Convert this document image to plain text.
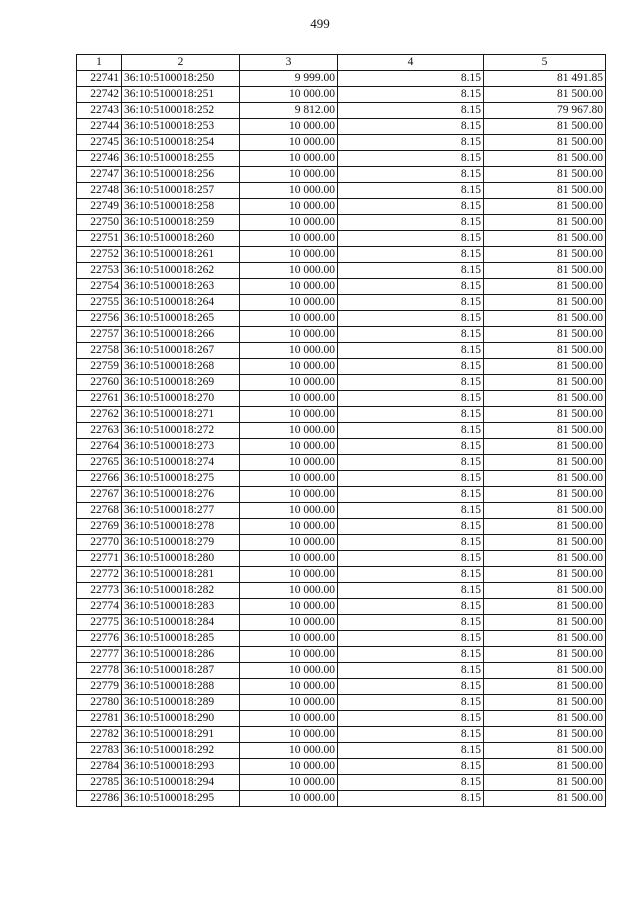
499
1	2	3	4	5
22741	36:10:5100018:250	9 999.00	8.15	81 491.85
22742	36:10:5100018:251	10 000.00	8.15	81 500.00
22743	36:10:5100018:252	9 812.00	8.15	79 967.80
22744	36:10:5100018:253	10 000.00	8.15	81 500.00
22745	36:10:5100018:254	10 000.00	8.15	81 500.00
22746	36:10:5100018:255	10 000.00	8.15	81 500.00
22747	36:10:5100018:256	10 000.00	8.15	81 500.00
22748	36:10:5100018:257	10 000.00	8.15	81 500.00
22749	36:10:5100018:258	10 000.00	8.15	81 500.00
22750	36:10:5100018:259	10 000.00	8.15	81 500.00
22751	36:10:5100018:260	10 000.00	8.15	81 500.00
22752	36:10:5100018:261	10 000.00	8.15	81 500.00
22753	36:10:5100018:262	10 000.00	8.15	81 500.00
22754	36:10:5100018:263	10 000.00	8.15	81 500.00
22755	36:10:5100018:264	10 000.00	8.15	81 500.00
22756	36:10:5100018:265	10 000.00	8.15	81 500.00
22757	36:10:5100018:266	10 000.00	8.15	81 500.00
22758	36:10:5100018:267	10 000.00	8.15	81 500.00
22759	36:10:5100018:268	10 000.00	8.15	81 500.00
22760	36:10:5100018:269	10 000.00	8.15	81 500.00
22761	36:10:5100018:270	10 000.00	8.15	81 500.00
22762	36:10:5100018:271	10 000.00	8.15	81 500.00
22763	36:10:5100018:272	10 000.00	8.15	81 500.00
22764	36:10:5100018:273	10 000.00	8.15	81 500.00
22765	36:10:5100018:274	10 000.00	8.15	81 500.00
22766	36:10:5100018:275	10 000.00	8.15	81 500.00
22767	36:10:5100018:276	10 000.00	8.15	81 500.00
22768	36:10:5100018:277	10 000.00	8.15	81 500.00
22769	36:10:5100018:278	10 000.00	8.15	81 500.00
22770	36:10:5100018:279	10 000.00	8.15	81 500.00
22771	36:10:5100018:280	10 000.00	8.15	81 500.00
22772	36:10:5100018:281	10 000.00	8.15	81 500.00
22773	36:10:5100018:282	10 000.00	8.15	81 500.00
22774	36:10:5100018:283	10 000.00	8.15	81 500.00
22775	36:10:5100018:284	10 000.00	8.15	81 500.00
22776	36:10:5100018:285	10 000.00	8.15	81 500.00
22777	36:10:5100018:286	10 000.00	8.15	81 500.00
22778	36:10:5100018:287	10 000.00	8.15	81 500.00
22779	36:10:5100018:288	10 000.00	8.15	81 500.00
22780	36:10:5100018:289	10 000.00	8.15	81 500.00
22781	36:10:5100018:290	10 000.00	8.15	81 500.00
22782	36:10:5100018:291	10 000.00	8.15	81 500.00
22783	36:10:5100018:292	10 000.00	8.15	81 500.00
22784	36:10:5100018:293	10 000.00	8.15	81 500.00
22785	36:10:5100018:294	10 000.00	8.15	81 500.00
22786	36:10:5100018:295	10 000.00	8.15	81 500.00
